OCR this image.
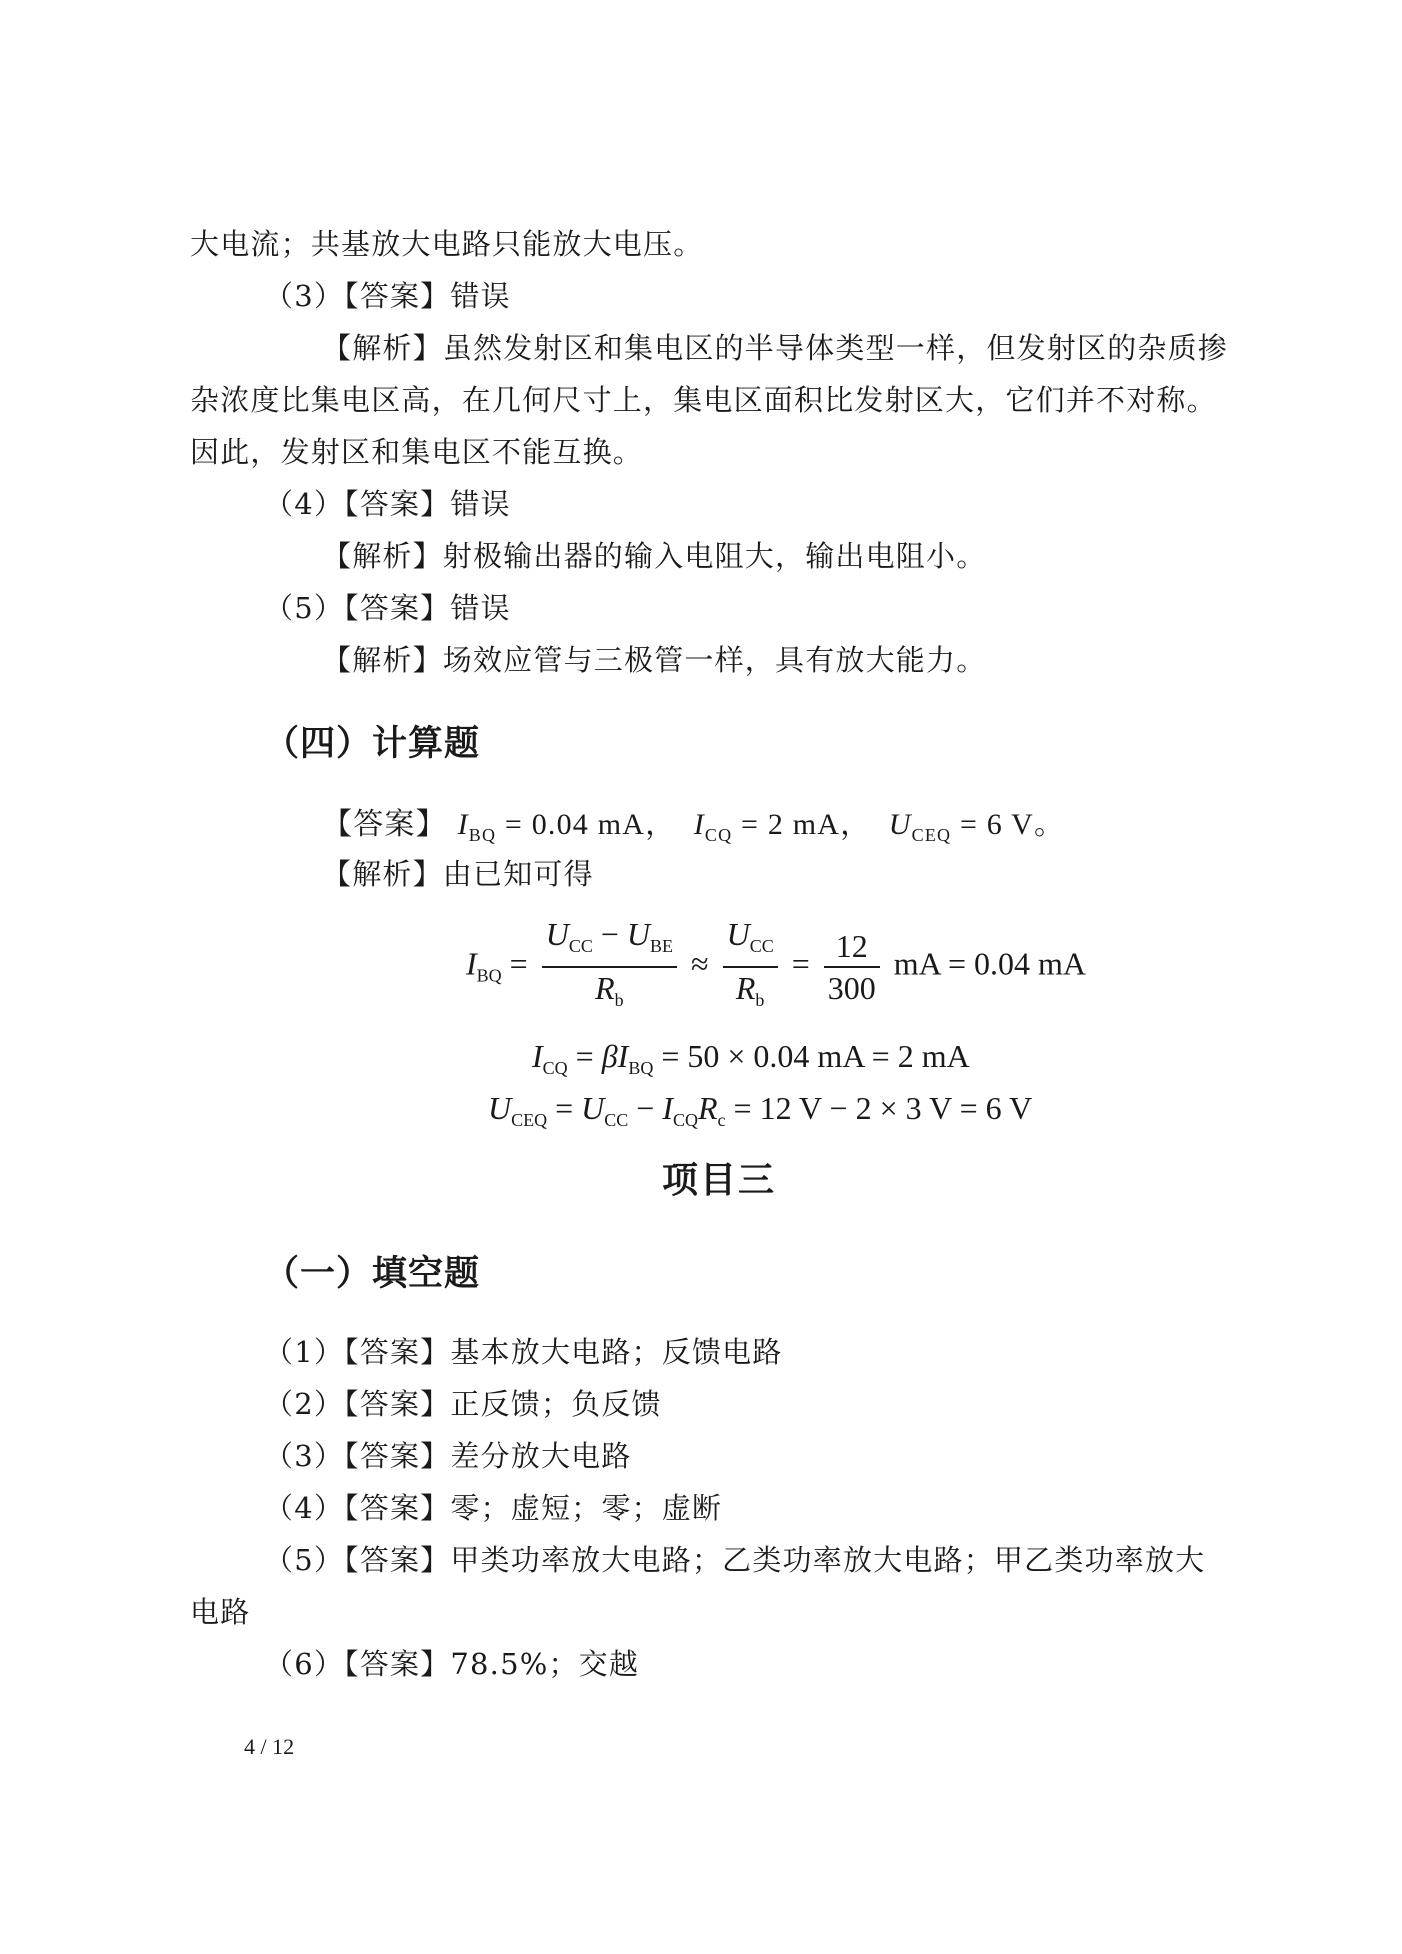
大电流；共基放大电路只能放大电压。
（3）【答案】错误
【解析】虽然发射区和集电区的半导体类型一样，但发射区的杂质掺
杂浓度比集电区高，在几何尺寸上，集电区面积比发射区大，它们并不对称。
因此，发射区和集电区不能互换。
（4）【答案】错误
【解析】射极输出器的输入电阻大，输出电阻小。
（5）【答案】错误
【解析】场效应管与三极管一样，具有放大能力。
（四）计算题
【答案】 $I_{BQ} = 0.04$ mA， $I_{CQ} = 2$ mA， $U_{CEQ} = 6$ V。
【解析】由已知可得
$I_{BQ} = \frac{U_{CC} - U_{BE}}{R_b} \approx \frac{U_{CC}}{R_b} = \frac{12}{300}$ mA = 0.04 mA
$I_{CQ} = \beta I_{BQ} = 50 \times 0.04$ mA = 2 mA
$U_{CEQ} = U_{CC} - I_{CQ}R_c = 12$ V − 2 × 3 V = 6 V
项目三
（一）填空题
（1）【答案】基本放大电路；反馈电路
（2）【答案】正反馈；负反馈
（3）【答案】差分放大电路
（4）【答案】零；虚短；零；虚断
（5）【答案】甲类功率放大电路；乙类功率放大电路；甲乙类功率放大
电路
（6）【答案】78.5%；交越
4 / 12
